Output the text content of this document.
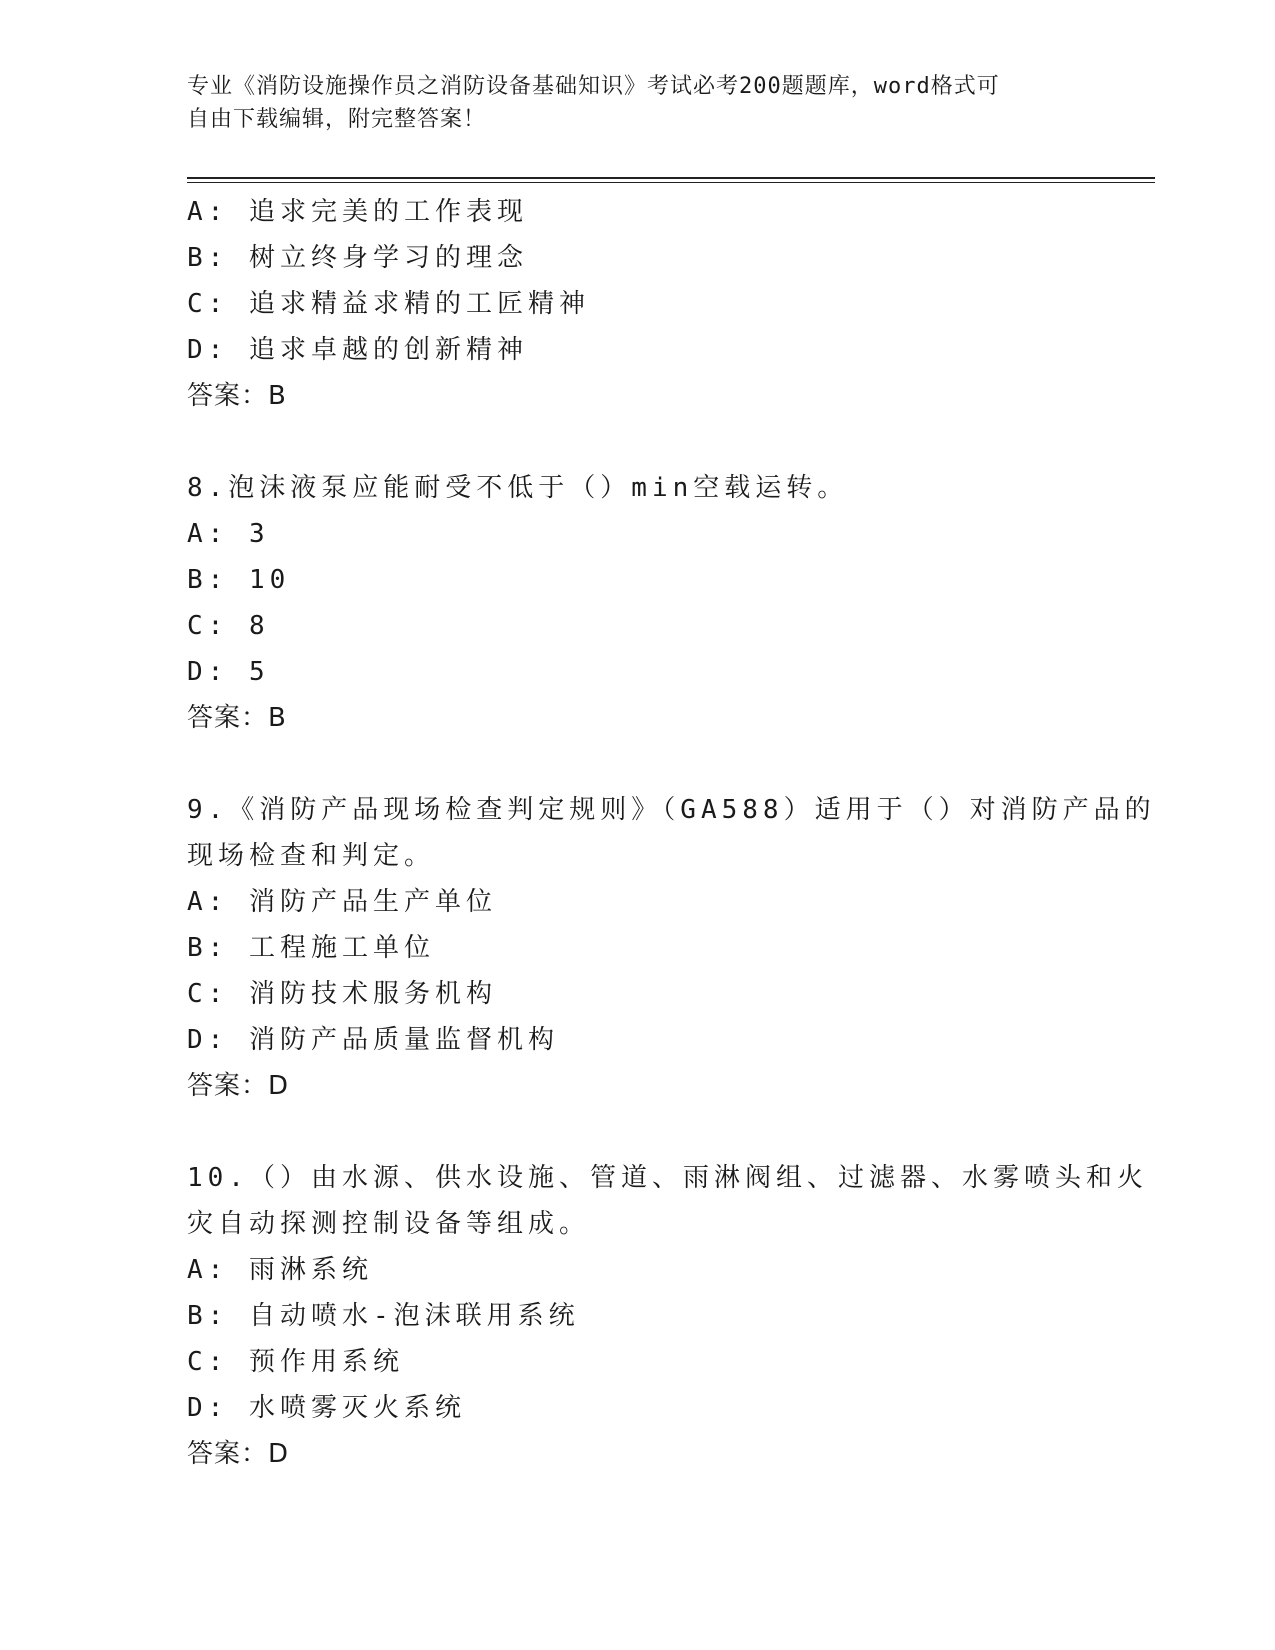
专业《消防设施操作员之消防设备基础知识》考试必考200题题库，word格式可
自由下载编辑，附完整答案！
A: 追求完美的工作表现
B: 树立终身学习的理念
C: 追求精益求精的工匠精神
D: 追求卓越的创新精神
答案：B
8.泡沫液泵应能耐受不低于（）min空载运转。
A: 3
B: 10
C: 8
D: 5
答案：B
9.《消防产品现场检查判定规则》（GA588）适用于（）对消防产品的
现场检查和判定。
A: 消防产品生产单位
B: 工程施工单位
C: 消防技术服务机构
D: 消防产品质量监督机构
答案：D
10.（）由水源、供水设施、管道、雨淋阀组、过滤器、水雾喷头和火
灾自动探测控制设备等组成。
A: 雨淋系统
B: 自动喷水-泡沫联用系统
C: 预作用系统
D: 水喷雾灭火系统
答案：D
